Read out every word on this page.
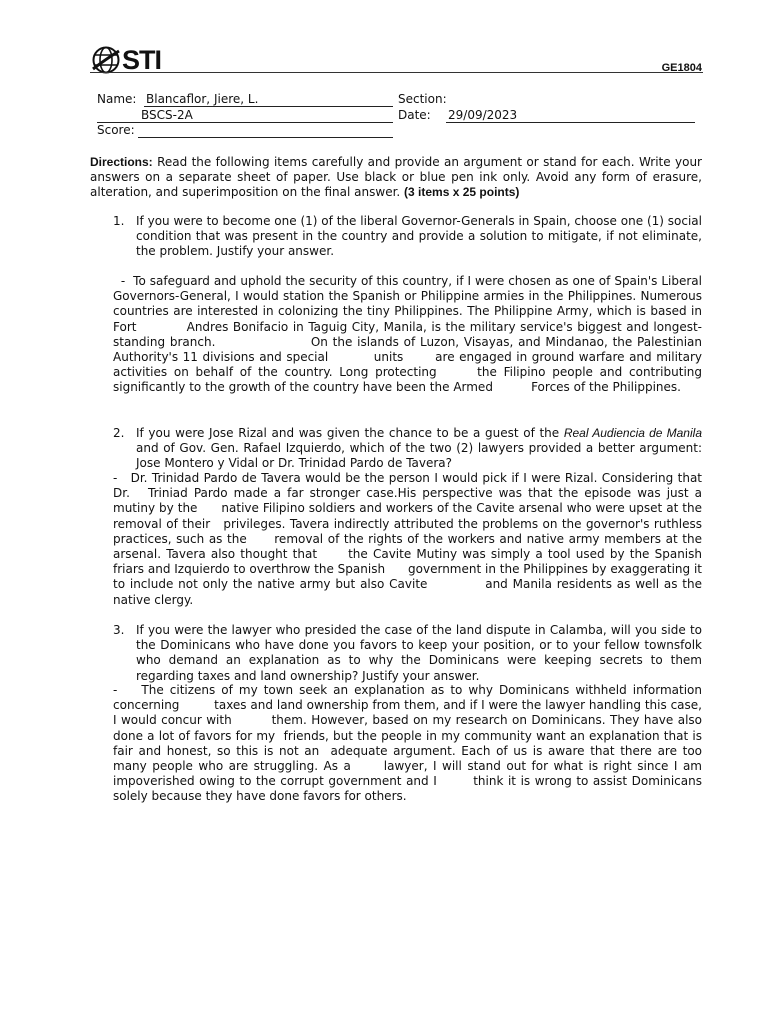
STI	GE1804
Name: Blancaflor, Jiere, L.	Section:
BSCS-2A	Date: 29/09/2023
Score:
Directions: Read the following items carefully and provide an argument or stand for each. Write your answers on a separate sheet of paper. Use black or blue pen ink only. Avoid any form of erasure, alteration, and superimposition on the final answer. (3 items x 25 points)
1. If you were to become one (1) of the liberal Governor-Generals in Spain, choose one (1) social condition that was present in the country and provide a solution to mitigate, if not eliminate, the problem. Justify your answer.
-  To safeguard and uphold the security of this country, if I were chosen as one of Spain's Liberal   Governors-General, I would station the Spanish or Philippine armies in the Philippines. Numerous countries are interested in colonizing the tiny Philippines. The Philippine Army, which is based in Fort           Andres Bonifacio in Taguig City, Manila, is the military service's biggest and longest-standing branch.                    On the islands of Luzon, Visayas, and Mindanao, the Palestinian Authority's 11 divisions and special          units       are engaged in ground warfare and military activities on behalf of the country. Long protecting      the Filipino people and contributing significantly to the growth of the country have been the Armed          Forces of the Philippines.
2. If you were Jose Rizal and was given the chance to be a guest of the Real Audiencia de Manila and of Gov. Gen. Rafael Izquierdo, which of the two (2) lawyers provided a better argument: Jose Montero y Vidal or Dr. Trinidad Pardo de Tavera?
-   Dr. Trinidad Pardo de Tavera would be the person I would pick if I were Rizal. Considering that Dr.   Triniad Pardo made a far stronger case.His perspective was that the episode was just a mutiny by the      native Filipino soldiers and workers of the Cavite arsenal who were upset at the removal of their   privileges. Tavera indirectly attributed the problems on the governor's ruthless practices, such as the      removal of the rights of the workers and native army members at the arsenal. Tavera also thought that      the Cavite Mutiny was simply a tool used by the Spanish friars and Izquierdo to overthrow the Spanish      government in the Philippines by exaggerating it to include not only the native army but also Cavite            and Manila residents as well as the native clergy.
3. If you were the lawyer who presided the case of the land dispute in Calamba, will you side to the Dominicans who have done you favors to keep your position, or to your fellow townsfolk who demand an explanation as to why the Dominicans were keeping secrets to them regarding taxes and land ownership? Justify your answer.
-    The citizens of my town seek an explanation as to why Dominicans withheld information concerning         taxes and land ownership from them, and if I were the lawyer handling this case, I would concur with         them. However, based on my research on Dominicans. They have also done a lot of favors for my  friends, but the people in my community want an explanation that is fair and honest, so this is not an  adequate argument. Each of us is aware that there are too many people who are struggling. As a      lawyer, I will stand out for what is right since I am impoverished owing to the corrupt government and I        think it is wrong to assist Dominicans solely because they have done favors for others.
